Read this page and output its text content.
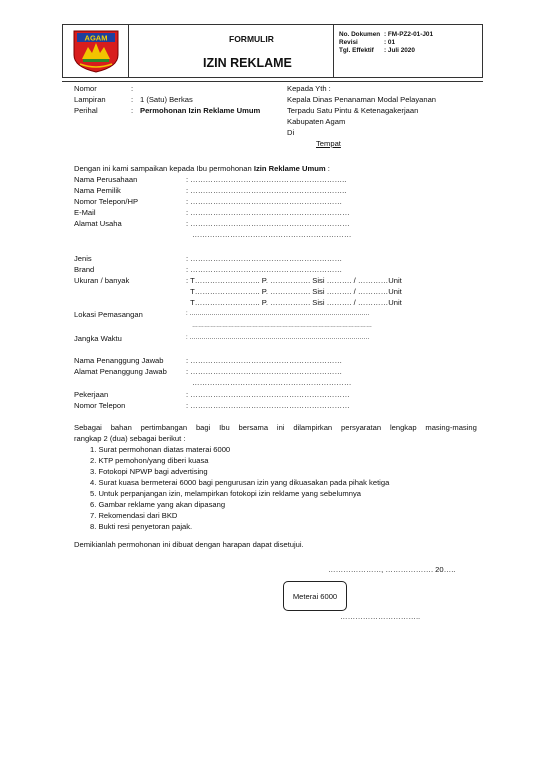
AGAM	FORMULIR
IZIN REKLAME
No. Dokumen : FM-PZ2-01-J01
Revisi	: 01
Tgl. Effektif : Juli 2020
Nomor	:
Lampiran	: 1 (Satu) Berkas
Perihal	: Permohonan Izin Reklame Umum
Kepada Yth :
Kepala Dinas Penanaman Modal Pelayanan
Terpadu Satu Pintu & Ketenagakerjaan
Kabupaten Agam
Di
Tempat
Dengan ini kami sampaikan kepada Ibu permohonan Izin Reklame Umum :
Nama Perusahaan	: ……………………………………………………..
Nama Pemilik	: ……………………………………………………..
Nomor Telepon/HP	: ……………………………………………………
E-Mail	: ………………………………………………………
Alamat Usaha	: ………………………………………………………
………………………………………………………
Jenis	: ……………………………………………………
Brand	: ……………………………………………………
Ukuran / banyak	: T…………………….. P. ……………. Sisi ………. / …………Unit
T…………………….. P. ……………. Sisi ………. / …………Unit
T…………………….. P. ……………. Sisi ………. / …………Unit
Lokasi Pemasangan	: ………………………………………………………………………………
………………………………………………………………………………
Jangka Waktu	: ………………………………………………………………………………
Nama Penanggung Jawab	: ……………………………………………………
Alamat Penanggung Jawab	: ……………………………………………………
………………………………………………………
Pekerjaan	: ………………………………………………………
Nomor Telepon	: ………………………………………………………
Sebagai bahan pertimbangan bagi Ibu bersama ini dilampirkan persyaratan lengkap masing-masing
rangkap 2 (dua) sebagai berikut :
1. Surat permohonan diatas materai 6000
2. KTP pemohon/yang diberi kuasa
3. Fotokopi NPWP bagi advertising
4. Surat kuasa bermeterai 6000 bagi pengurusan izin yang dikuasakan pada pihak ketiga
5. Untuk perpanjangan izin, melampirkan fotokopi izin reklame yang sebelumnya
6. Gambar reklame yang akan dipasang
7. Rekomendasi dari BKD
8. Bukti resi penyetoran pajak.
Demikianlah permohonan ini dibuat dengan harapan dapat disetujui.
…………………, ………………. 20…..
Meterai 6000
…………………………..
